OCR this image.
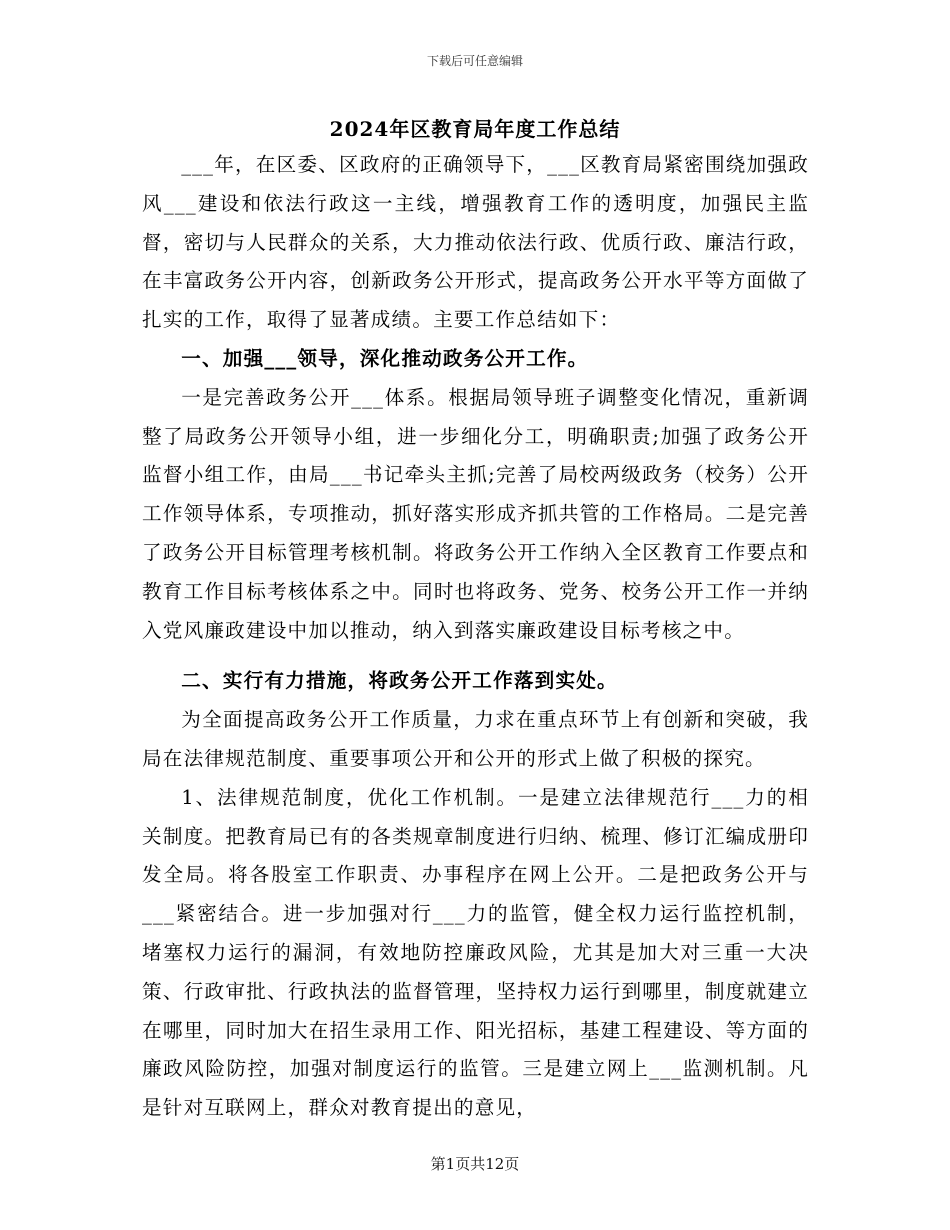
下载后可任意编辑
2024年区教育局年度工作总结

___年，在区委、区政府的正确领导下，___区教育局紧密围绕加强政风___建设和依法行政这一主线，增强教育工作的透明度，加强民主监督，密切与人民群众的关系，大力推动依法行政、优质行政、廉洁行政，在丰富政务公开内容，创新政务公开形式，提高政务公开水平等方面做了扎实的工作，取得了显著成绩。主要工作总结如下：

一、加强___领导，深化推动政务公开工作。

一是完善政务公开___体系。根据局领导班子调整变化情况，重新调整了局政务公开领导小组，进一步细化分工，明确职责;加强了政务公开监督小组工作，由局___书记牵头主抓;完善了局校两级政务（校务）公开工作领导体系，专项推动，抓好落实形成齐抓共管的工作格局。二是完善了政务公开目标管理考核机制。将政务公开工作纳入全区教育工作要点和教育工作目标考核体系之中。同时也将政务、党务、校务公开工作一并纳入党风廉政建设中加以推动，纳入到落实廉政建设目标考核之中。

二、实行有力措施，将政务公开工作落到实处。

为全面提高政务公开工作质量，力求在重点环节上有创新和突破，我局在法律规范制度、重要事项公开和公开的形式上做了积极的探究。

1、法律规范制度，优化工作机制。一是建立法律规范行___力的相关制度。把教育局已有的各类规章制度进行归纳、梳理、修订汇编成册印发全局。将各股室工作职责、办事程序在网上公开。二是把政务公开与___紧密结合。进一步加强对行___力的监管，健全权力运行监控机制，堵塞权力运行的漏洞，有效地防控廉政风险，尤其是加大对三重一大决策、行政审批、行政执法的监督管理，坚持权力运行到哪里，制度就建立在哪里，同时加大在招生录用工作、阳光招标，基建工程建设、等方面的廉政风险防控，加强对制度运行的监管。三是建立网上___监测机制。凡是针对互联网上，群众对教育提出的意见，

第1页共12页
